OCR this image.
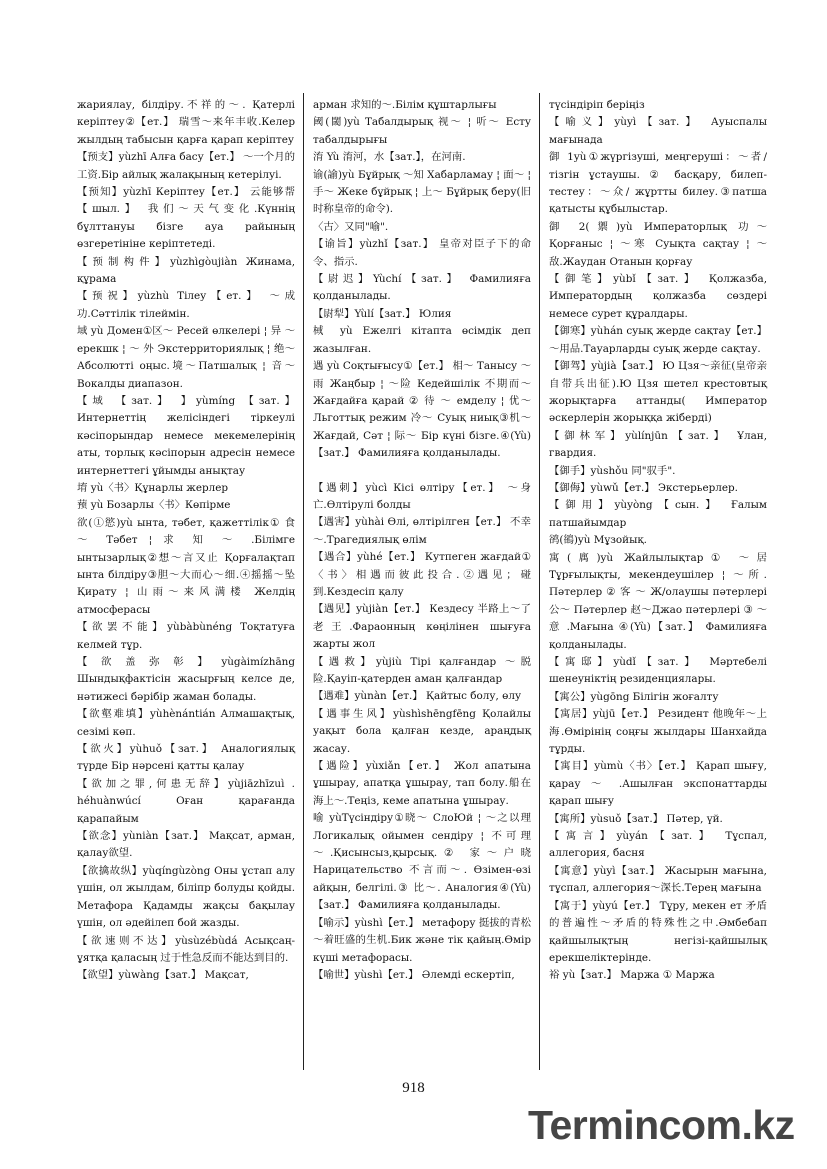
жариялау, білдіру.不祥的～. Қатерлі керіптеу②【ет.】 瑞雪～来年丰收.Келер жылдың табысын қарға қарап керіптеу

【预支】yùzhī Алға басу【ет.】 ～一个月的工资.Бір айлық жалақының кетерілуі.

【预知】yùzhī Керіптеу【ет.】 云能够帮【шыл.】 我们～天气变化.Күннің бұлттануы бізге ауа райының өзгеретініне керіптетеді.

【预制构件】yùzhìgòujiàn Жинама, құрама

【预祝】yùzhù Тілеу【ет.】 ～成功.Сәттілік тілеймін.

域 yù Домен①区～ Ресей өлкелері ¦ 异 ～ ерекшк ¦ ～ 外 Экстерриториялық ¦ 绝～ Абсолютті оңыс.境～Патшалық ¦ 音～Вокалды диапазон.

【域 【зат.】 】yùmíng 【зат.】 Интернеттің желісіндегі тіркеулі кәсіпорындар немесе мекемелерінің аты, торлық кәсіпорын адресін немесе интернеттегі ұйымды анықтау

堉 yù〈书〉Құнарлы жерлер

蓣 yù Бозарлы〈书〉Көпірме

欲(①慾)yù ынта, тәбет, қажеттілік① 食 ～ Тәбет ¦ 求 知 ～ .Білімге ынтызарлық②想～言又止 Қорғалақтап ынта білдіру③胆～大而心～细.④摇摇～坠 Қирату ¦ 山雨～来风满楼 Желдің атмосферасы

【欲罢不能】yùbàbùnéng Тоқтатуға келмей тұр.

【欲盖弥彰】yùgàimízhāng Шындықфактісін жасырғың келсе де, нәтижесі бәрібір жаман болады.

【欲壑难填】yùhènántián Алмашақтық, сезімі көп.

【欲火】yùhuǒ【зат.】 Аналогиялық түрде Бір нәрсені қатты қалау

【欲加之罪,何患无辞】yùjiāzhīzuì . héhuànwúcí Оған қарағанда қарапайым

【欲念】yùniàn【зат.】 Мақсат, арман, қалау欲望.

【欲擒故纵】yùqíngùzòng Оны ұстап алу үшін, ол жылдам, біліпр болуды қойды. Метафора Қадамды жақсы бақылау үшін, ол әдейілеп бой жазды.

【欲速则不达】yùsùzébùdá Асықсаң-ұятқа қаласың 过于性急反而不能达到目的.

【欲望】yùwàng【зат.】 Мақсат,

арман 求知的～.Білім құштарлығы

阈(閾)yù Табалдырық 视～ ¦ 听～ Есту табалдырығы

淯 Yù 淯河，水【зат.】，在河南.

谕(諭)yù Бұйрық ～知 Хабарламау ¦ 面～ ¦ 手～ Жеке бұйрық ¦ 上～ Бұйрық беру(旧时称皇帝的命令).

〈古〉又同"喻".

【谕旨】yùzhǐ【зат.】 皇帝对臣子下的命令、指示.

【尉迟】Yùchí【зат.】 Фамилияға қолданылады.

【尉犁】Yùlí【зат.】 Юлия

棫 yù Ежелгі кітапта өсімдік деп жазылған.

遇 yù Соқтығысу①【ет.】 相～ Танысу ～雨 Жаңбыр ¦ ～险 Кедейшілік 不期而～Жағдайға қарай ② 待 ～ емделу ¦ 优～Льготтық режим 冷～ Суық ниық③机～Жағдай, Сәт ¦ 际～ Бір күні бізге.④(Yù)【зат.】 Фамилияға қолданылады.

【遇刺】yùcì Кісі өлтіру【ет.】 ～身亡.Өлтірулі болды

【遇害】yùhài Өлі, өлтірілген【ет.】 不幸～.Трагедиялық өлім

【遇合】yùhé【ет.】 Кутпеген жағдай①〈书〉相遇而彼此投合.②遇见；碰到.Кездесіп қалу

【遇见】yùjiàn【ет.】 Кездесу 半路上～了老王.Фараонның көңілінен шығуға жарты жол

【遇救】yùjiù Тірі қалғандар ～脱险.Қауіп-қатерден аман қалғандар

【遇难】yùnàn【ет.】 Қайтыс болу, өлу

【遇事生风】yùshìshēngfēng Қолайлы уақыт бола қалған кезде, араңдық жасау.

【遇险】yùxiǎn【ет.】 Жол апатына ұшырау, апатқа ұшырау, тап болу.船在海上～.Теңіз, кеме апатына ұшырау.

喻 yùТүсіндіру①晓～ СлоЮй ¦ ～之以理 Логикалық ойымен сендіру ¦ 不可理～.Қисынсыз,қырсық.② 家～户晓 Нарицательство 不言而～. Өзімен-өзі айқын, белгілі.③ 比～. Аналогия④(Yù)【зат.】 Фамилияға қолданылады.

【喻示】yùshì【ет.】 метафору 挺拔的青松～着旺盛的生机.Бик және тік қайың.Өмір күші метафорасы.

【喻世】yùshì【ет.】 Әлемді ескертіп,

түсіндіріп беріңіз

【喻义】yùyì【зат.】 Ауыспалы мағынада

御 1yù①жүргізуші, меңгеруші：～者/ тізгін ұстаушы. ② басқару, билеп-тестеу：～众/ жұртты билеу.③патша қатысты құбылыстар.

御 2(禦)yù Императорлық 功～ Қорғаныс ¦ ～寒 Суықта сақтау ¦ ～敌.Жаудан Отанын қорғау

【御笔】yùbǐ【зат.】 Қолжазба, Императордың қолжазба сөздері немесе сурет құралдары.

【御寒】yùhán суық жерде сақтау【ет.】 ～用品.Тауарларды суық жерде сақтау.

【御驾】yùjià【зат.】 Ю Цзя～亲征(皇帝亲自带兵出征).Ю Цзя шетел крестовтық жорықтарға аттанды( Император әскерлерін жорыққа жіберді)

【御林军】yùlínjūn【зат.】 Ұлан, гвардия.

【御手】yùshǒu 同"驭手".

【御侮】yùwǔ【ет.】 Экстерьерлер.

【御用】yùyòng【сын.】 Ғалым патшайымдар

鹆(鵒)yù Мұзойық.

寓(庽)yù Жайлылықтар① ～居 Тұрғылықты, мекендеушілер ¦ ～所. Пәтерлер ② 客 ～ Ж/олаушы пәтерлері 公～ Пәтерлер 赵～Джао пәтерлері ③ ～意 .Мағына ④(Yù)【зат.】 Фамилияға қолданылады.

【寓邸】yùdǐ【зат.】 Мәртебелі шенеуніктің резиденциялары.

【寓公】yùgōng Білігін жоғалту

【寓居】yùjū【ет.】 Резидент 他晚年～上海.Өмірінің соңғы жылдары Шанхайда тұрды.

【寓目】yùmù〈书〉【ет.】 Қарап шығу, қарау ～ .Ашылған экспонаттарды қарап шығу

【寓所】yùsuǒ【зат.】 Пәтер, үй.

【寓言】yùyán【зат.】 Тұспал, аллегория, басня

【寓意】yùyì【зат.】 Жасырын мағына, тұспал, аллегория～深长.Терең мағына

【寓于】yùyú【ет.】 Тұру, мекен ет 矛盾的普遍性～矛盾的特殊性之中.Әмбебап қайшылықтың негізі-қайшылық ерекшеліктерінде.

裕 yù【зат.】 Маржа ① Маржа

918
Termincom.kz
